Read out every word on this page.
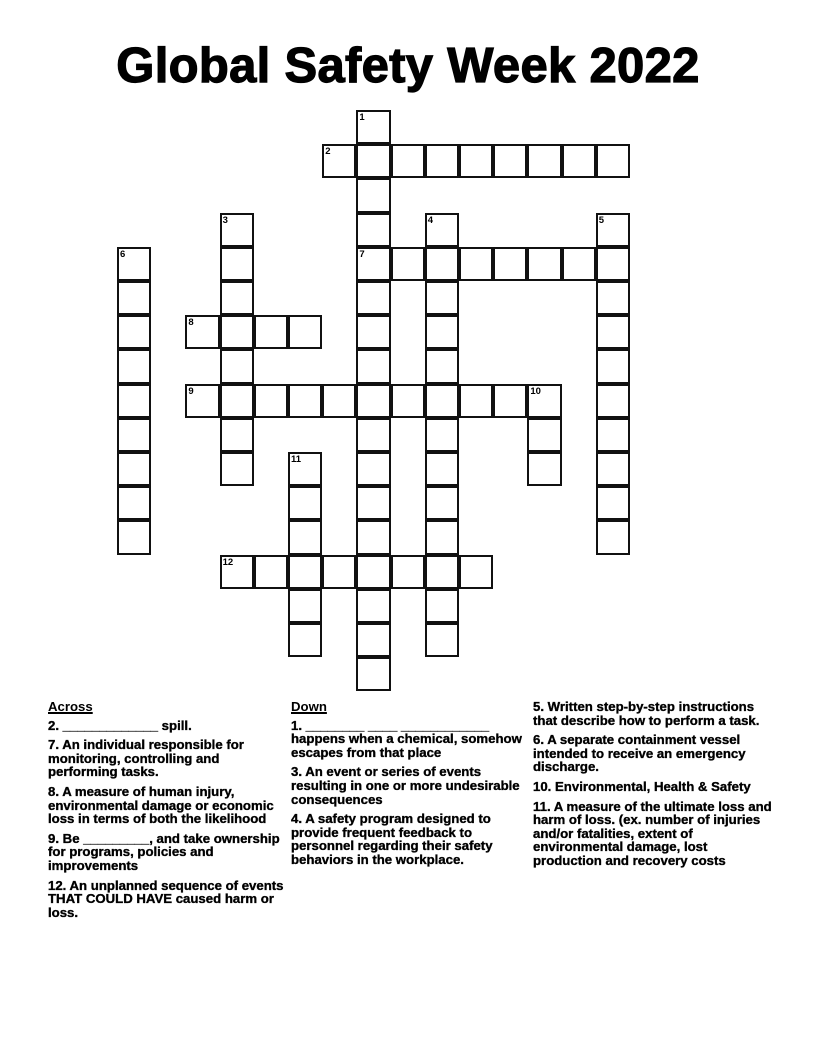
Global Safety Week 2022
1
7
2
3	4	5
6
8
9	10
11
12
Across
2. _____________ spill.
7. An individual responsible for monitoring, controlling and performing tasks.
8. A measure of human injury, environmental damage or economic loss in terms of both the likelihood
9. Be _________, and take ownership for programs, policies and improvements
12. An unplanned sequence of events THAT COULD HAVE caused harm or loss.
Down
1. ________ ____ ____________ happens when a chemical, somehow escapes from that place
3. An event or series of events resulting in one or more undesirable consequences
4. A safety program designed to provide frequent feedback to personnel regarding their safety behaviors in the workplace.
5. Written step-by-step instructions that describe how to perform a task.
6. A separate containment vessel intended to receive an emergency discharge.
10. Environmental, Health & Safety
11. A measure of the ultimate loss and harm of loss. (ex. number of injuries and/or fatalities, extent of environmental damage, lost production and recovery costs
